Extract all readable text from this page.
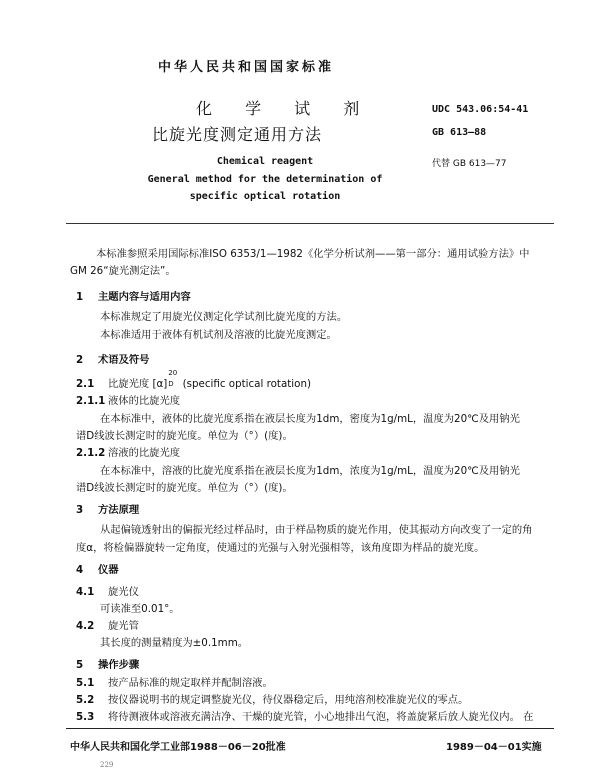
中华人民共和国国家标准
化 学 试 剂
比旋光度测定通用方法
Chemical reagent
General method for the determination of
specific optical rotation
UDC 543.06:54-41
GB 613—88
代替 GB 613—77
本标准参照采用国际标准ISO 6353/1—1982《化学分析试剂——第一部分：通用试验方法》中
GM 26“旋光测定法”。
1 主题内容与适用内容
本标准规定了用旋光仪测定化学试剂比旋光度的方法。
本标准适用于液体有机试剂及溶液的比旋光度测定。
2 术语及符号
2.1 比旋光度 [α]
20
D (specific optical rotation)
2.1.1 液体的比旋光度
在本标准中，液体的比旋光度系指在液层长度为1dm，密度为1g/mL，温度为20℃及用钠光
谱D线波长测定时的旋光度。单位为（°）(度)。
2.1.2 溶液的比旋光度
在本标准中，溶液的比旋光度系指在液层长度为1dm，浓度为1g/mL，温度为20℃及用钠光
谱D线波长测定时的旋光度。单位为（°）(度)。
3 方法原理
从起偏镜透射出的偏振光经过样品时，由于样品物质的旋光作用，使其振动方向改变了一定的角
度α，将检偏器旋转一定角度，使通过的光强与入射光强相等，该角度即为样品的旋光度。
4 仪器
4.1 旋光仪
可读准至0.01°。
4.2 旋光管
其长度的测量精度为±0.1mm。
5 操作步骤
5.1 按产品标准的规定取样并配制溶液。
5.2 按仪器说明书的规定调整旋光仪，待仪器稳定后，用纯溶剂校准旋光仪的零点。
5.3 将待测液体或溶液充满洁净、干燥的旋光管，小心地排出气泡，将盖旋紧后放人旋光仪内。 在
中华人民共和国化学工业部1988－06－20批准	1989－04－01实施
229
